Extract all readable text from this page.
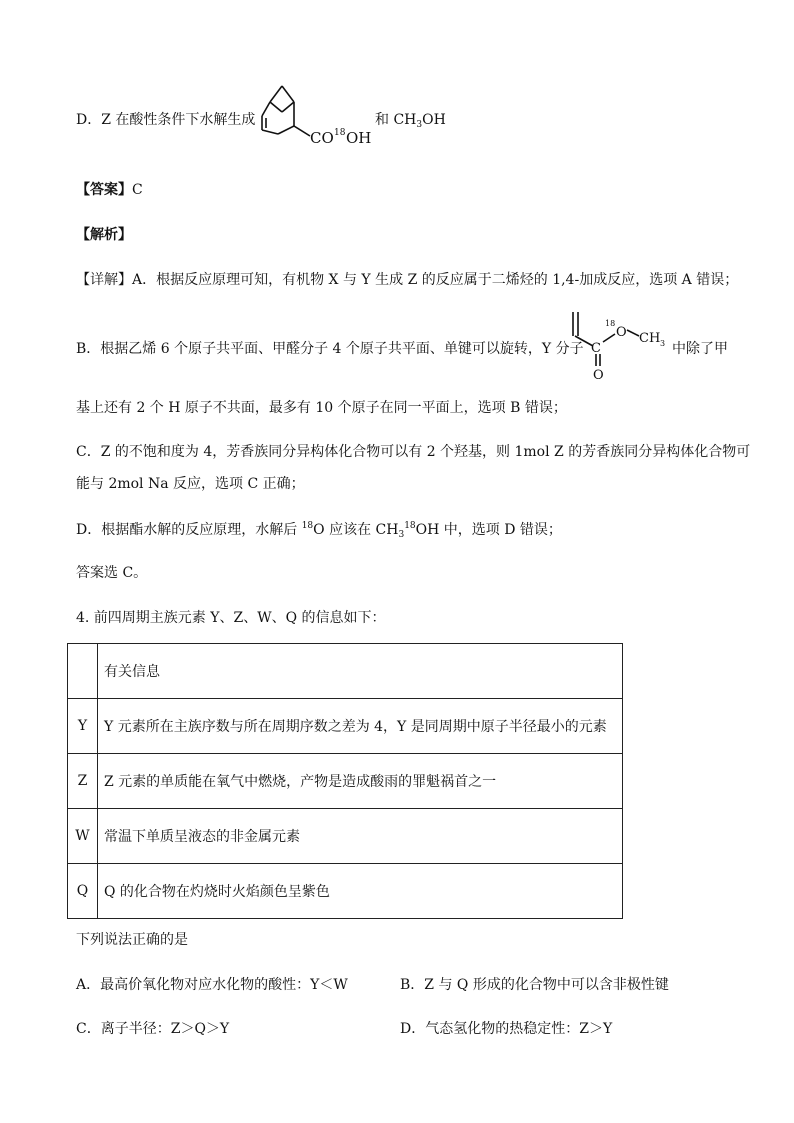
D．Z 在酸性条件下水解生成
CO 18 OH
和 $CH_3OH$
【答案】C
【解析】
【详解】A．根据反应原理可知，有机物 X 与 Y 生成 Z 的反应属于二烯烃的 1,4-加成反应，选项 A 错误；
B．根据乙烯 6 个原子共平面、甲醛分子 4 个原子共平面、单键可以旋转，Y 分子 C
O
18
O CH 3 中除了甲
基上还有 2 个 H 原子不共面，最多有 10 个原子在同一平面上，选项 B 错误；
C．Z 的不饱和度为 4，芳香族同分异构体化合物可以有 2 个羟基，则 1mol Z 的芳香族同分异构体化合物可
能与 2mol Na 反应，选项 C 正确；
D．根据酯水解的反应原理，水解后 $^{18}$O 应该在 $CH_3^{18}OH$ 中，选项 D 错误；
答案选 C。
4. 前四周期主族元素 Y、Z、W、Q 的信息如下：
	有关信息
Y	Y 元素所在主族序数与所在周期序数之差为 4，Y 是同周期中原子半径最小的元素
Z	Z 元素的单质能在氧气中燃烧，产物是造成酸雨的罪魁祸首之一
W	常温下单质呈液态的非金属元素
Q	Q 的化合物在灼烧时火焰颜色呈紫色
下列说法正确的是
A．最高价氧化物对应水化物的酸性：Y＜W	B．Z 与 Q 形成的化合物中可以含非极性键
C．离子半径：Z＞Q＞Y	D．气态氢化物的热稳定性：Z＞Y
